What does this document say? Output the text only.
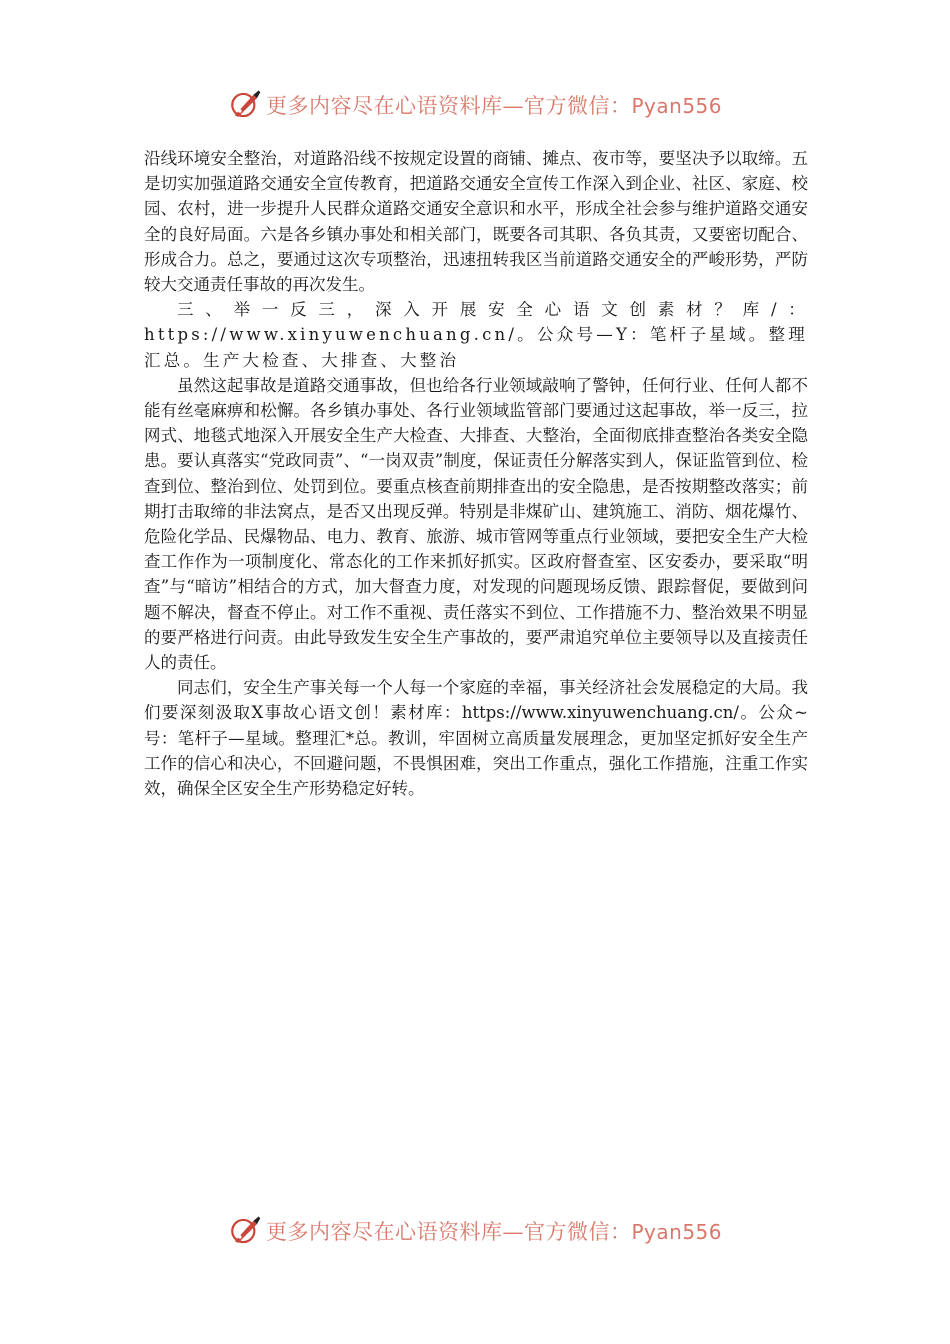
更多内容尽在心语资料库—官方微信：Pyan556

沿线环境安全整治，对道路沿线不按规定设置的商铺、摊点、夜市等，要坚决予以取缔。五是切实加强道路交通安全宣传教育，把道路交通安全宣传工作深入到企业、社区、家庭、校园、农村，进一步提升人民群众道路交通安全意识和水平，形成全社会参与维护道路交通安全的良好局面。六是各乡镇办事处和相关部门，既要各司其职、各负其责，又要密切配合、形成合力。总之，要通过这次专项整治，迅速扭转我区当前道路交通安全的严峻形势，严防较大交通责任事故的再次发生。

三、举一反三，深入开展安全心语文创素材？库/：https://www.xinyuwenchuang.cn/。公众号—Y：笔杆子星域。整理汇总。生产大检查、大排查、大整治

虽然这起事故是道路交通事故，但也给各行业领域敲响了警钟，任何行业、任何人都不能有丝毫麻痹和松懈。各乡镇办事处、各行业领域监管部门要通过这起事故，举一反三，拉网式、地毯式地深入开展安全生产大检查、大排查、大整治，全面彻底排查整治各类安全隐患。要认真落实“党政同责”、“一岗双责”制度，保证责任分解落实到人，保证监管到位、检查到位、整治到位、处罚到位。要重点核查前期排查出的安全隐患，是否按期整改落实；前期打击取缔的非法窝点，是否又出现反弹。特别是非煤矿山、建筑施工、消防、烟花爆竹、危险化学品、民爆物品、电力、教育、旅游、城市管网等重点行业领域，要把安全生产大检查工作作为一项制度化、常态化的工作来抓好抓实。区政府督查室、区安委办，要采取“明查”与“暗访”相结合的方式，加大督查力度，对发现的问题现场反馈、跟踪督促，要做到问题不解决，督查不停止。对工作不重视、责任落实不到位、工作措施不力、整治效果不明显的要严格进行问责。由此导致发生安全生产事故的，要严肃追究单位主要领导以及直接责任人的责任。

同志们，安全生产事关每一个人每一个家庭的幸福，事关经济社会发展稳定的大局。我们要深刻汲取X事故心语文创！素材库：https://www.xinyuwenchuang.cn/。公众~号：笔杆子—星域。整理汇*总。教训，牢固树立高质量发展理念，更加坚定抓好安全生产工作的信心和决心，不回避问题，不畏惧困难，突出工作重点，强化工作措施，注重工作实效，确保全区安全生产形势稳定好转。

更多内容尽在心语资料库—官方微信：Pyan556
